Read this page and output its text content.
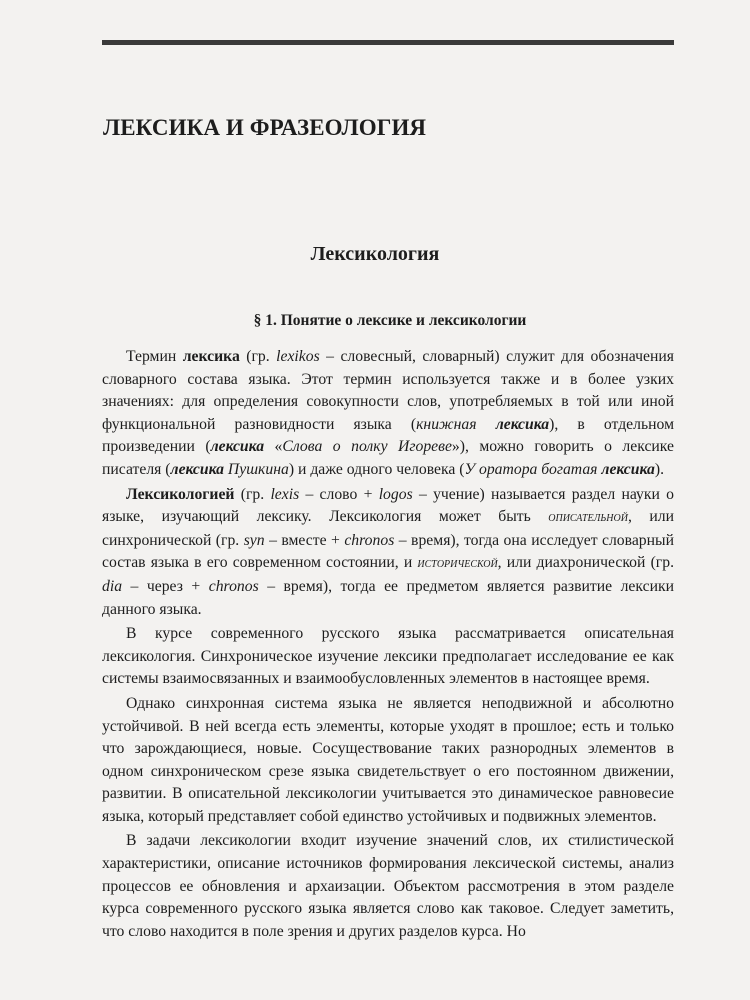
ЛЕКСИКА И ФРАЗЕОЛОГИЯ
Лексикология
§ 1. Понятие о лексике и лексикологии

Термин лексика (гр. lexikos – словесный, словарный) служит для обозначения словарного состава языка. Этот термин используется также и в более узких значениях: для определения совокупности слов, употребляемых в той или иной функциональной разновидности языка (книжная лексика), в отдельном произведении (лексика «Слова о полку Игореве»), можно говорить о лексике писателя (лексика Пушкина) и даже одного человека (У оратора богатая лексика).

Лексикологией (гр. lexis – слово + logos – учение) называется раздел науки о языке, изучающий лексику. Лексикология может быть описательной, или синхронической (гр. syn – вместе + chronos – время), тогда она исследует словарный состав языка в его современном состоянии, и исторической, или диахронической (гр. dia – через + chronos – время), тогда ее предметом является развитие лексики данного языка.

В курсе современного русского языка рассматривается описательная лексикология. Синхроническое изучение лексики предполагает исследование ее как системы взаимосвязанных и взаимообусловленных элементов в настоящее время.

Однако синхронная система языка не является неподвижной и абсолютно устойчивой. В ней всегда есть элементы, которые уходят в прошлое; есть и только что зарождающиеся, новые. Сосуществование таких разнородных элементов в одном синхроническом срезе языка свидетельствует о его постоянном движении, развитии. В описательной лексикологии учитывается это динамическое равновесие языка, который представляет собой единство устойчивых и подвижных элементов.

В задачи лексикологии входит изучение значений слов, их стилистической характеристики, описание источников формирования лексической системы, анализ процессов ее обновления и архаизации. Объектом рассмотрения в этом разделе курса современного русского языка является слово как таковое. Следует заметить, что слово находится в поле зрения и других разделов курса. Но
